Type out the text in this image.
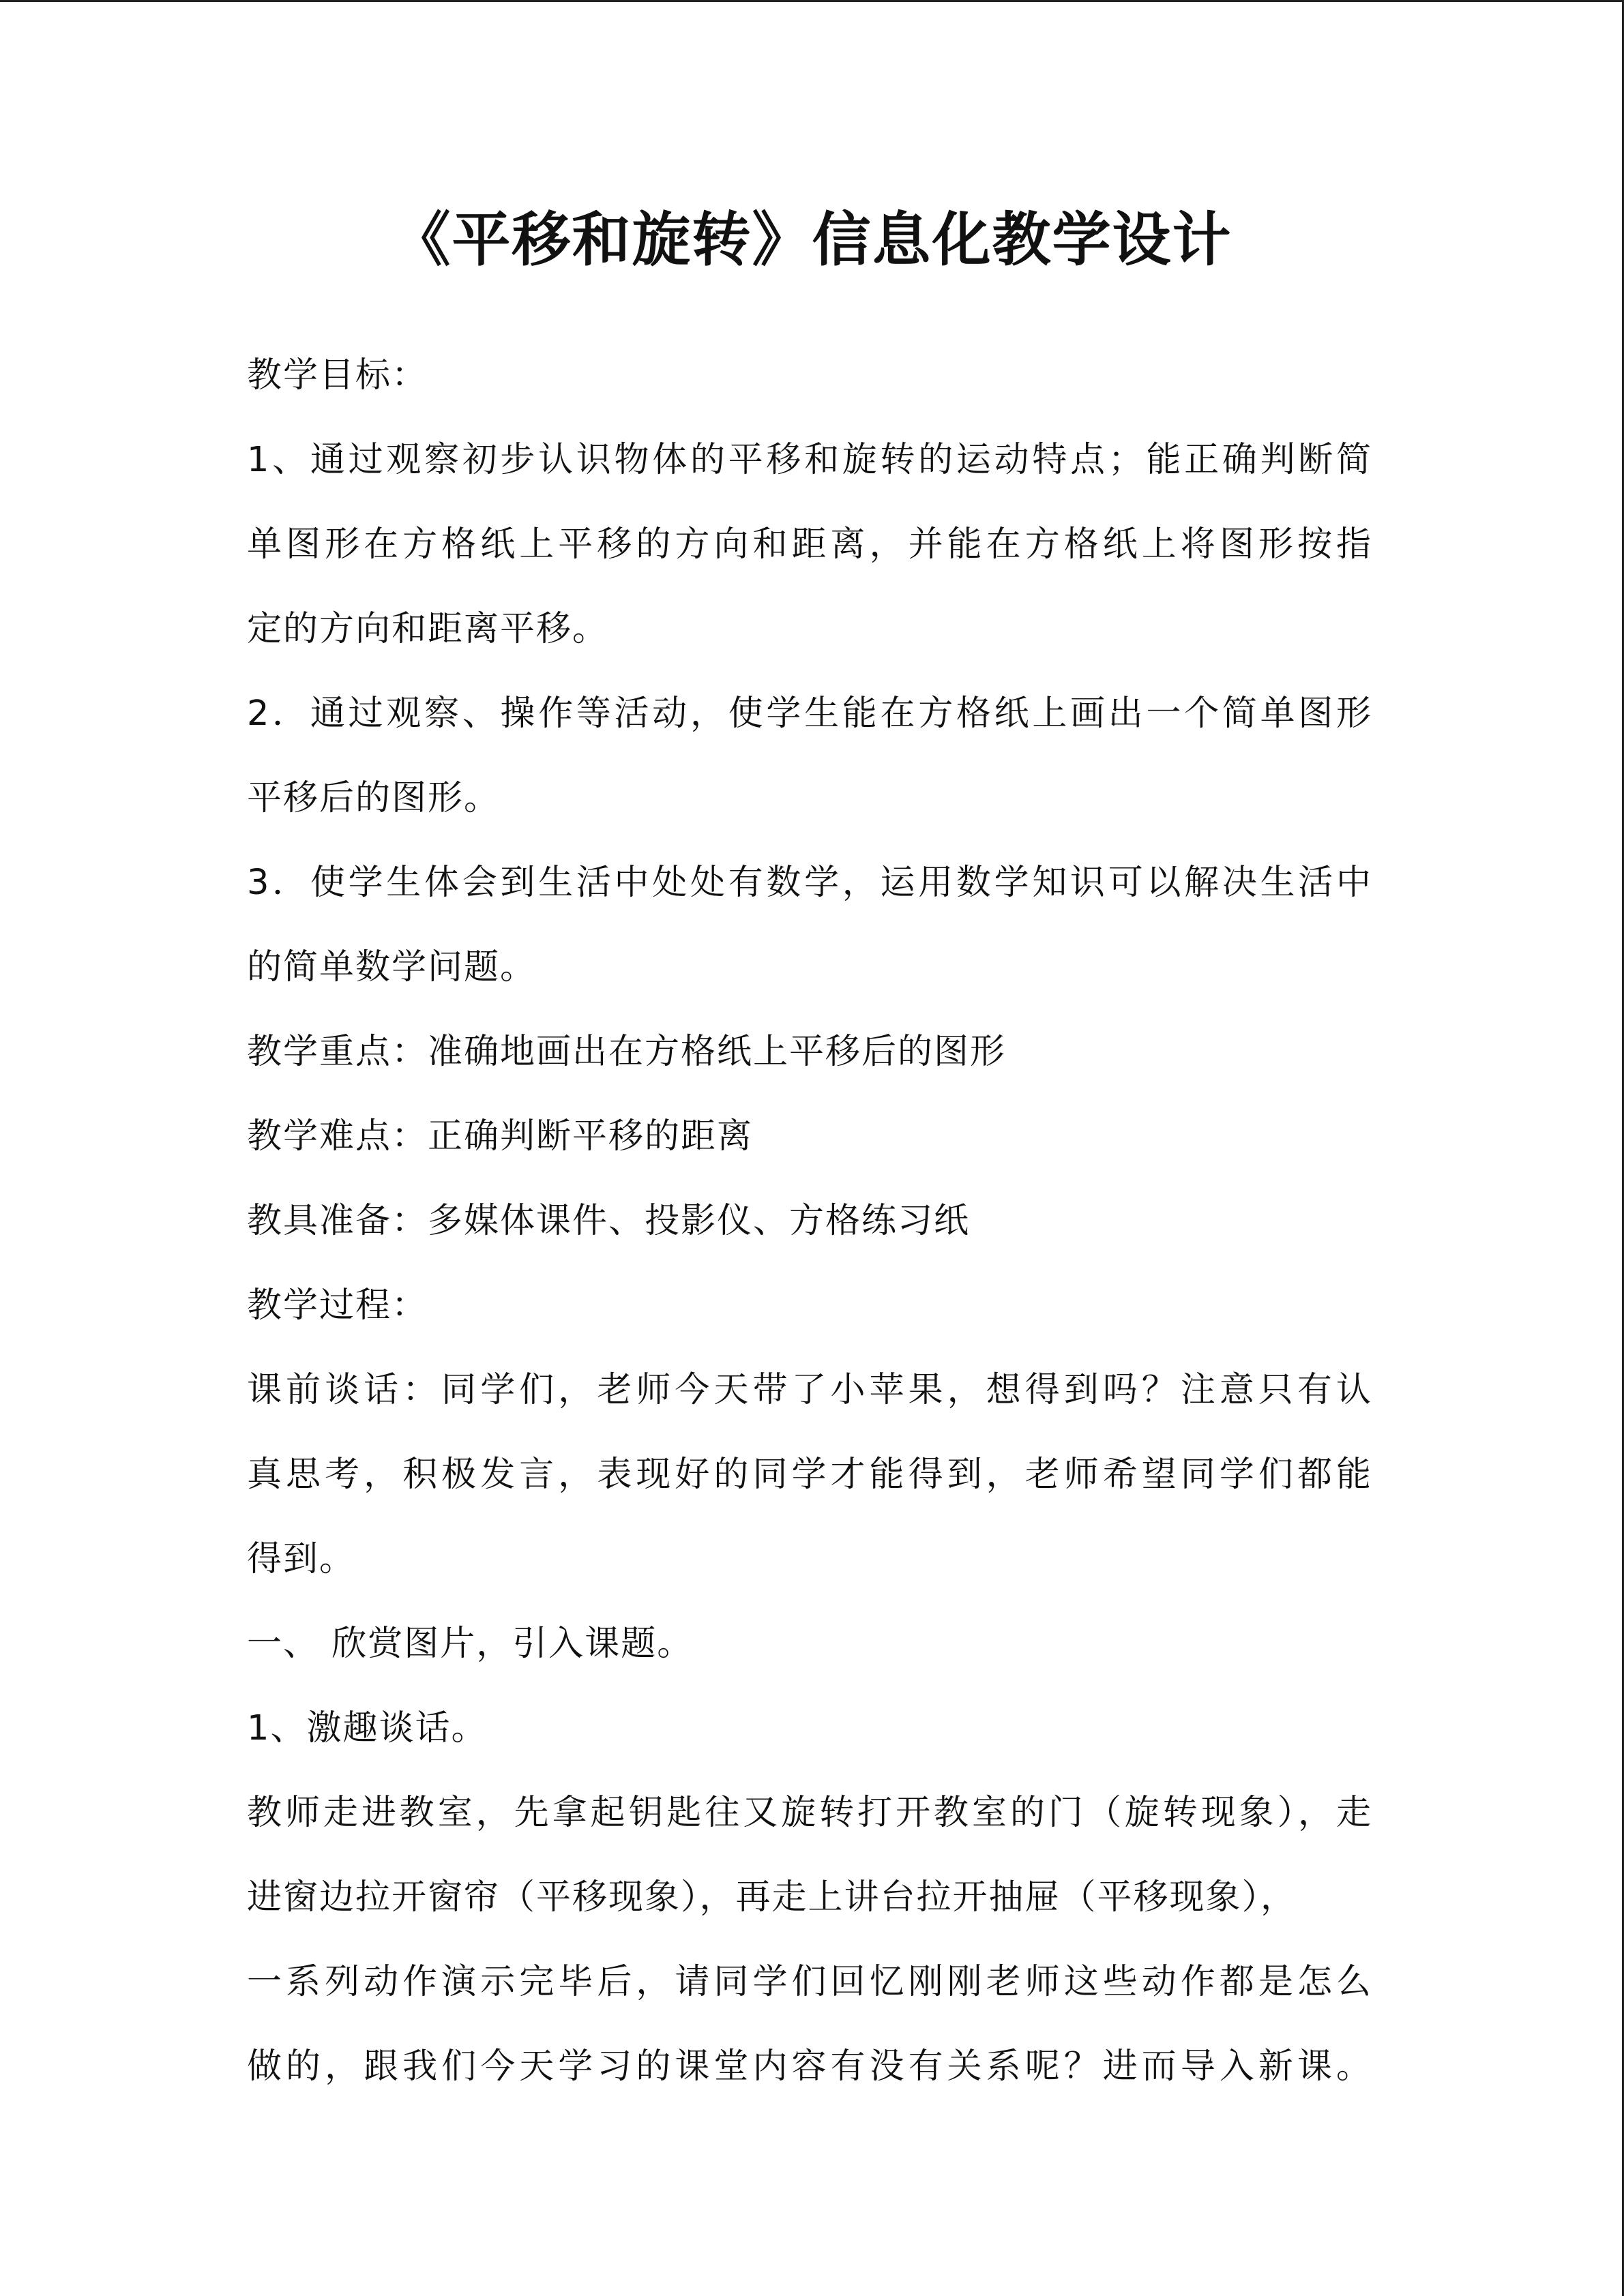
《平移和旋转》信息化教学设计
教学目标：
1、通过观察初步认识物体的平移和旋转的运动特点；能正确判断简
单图形在方格纸上平移的方向和距离，并能在方格纸上将图形按指
定的方向和距离平移。
2．通过观察、操作等活动，使学生能在方格纸上画出一个简单图形
平移后的图形。
3．使学生体会到生活中处处有数学，运用数学知识可以解决生活中
的简单数学问题。
教学重点：准确地画出在方格纸上平移后的图形
教学难点：正确判断平移的距离
教具准备：多媒体课件、投影仪、方格练习纸
教学过程：
课前谈话：同学们，老师今天带了小苹果，想得到吗？注意只有认
真思考，积极发言，表现好的同学才能得到，老师希望同学们都能
得到。
一、 欣赏图片，引入课题。
1、激趣谈话。
教师走进教室，先拿起钥匙往又旋转打开教室的门（旋转现象），走
进窗边拉开窗帘（平移现象），再走上讲台拉开抽屉（平移现象），
一系列动作演示完毕后，请同学们回忆刚刚老师这些动作都是怎么
做的，跟我们今天学习的课堂内容有没有关系呢？进而导入新课。
